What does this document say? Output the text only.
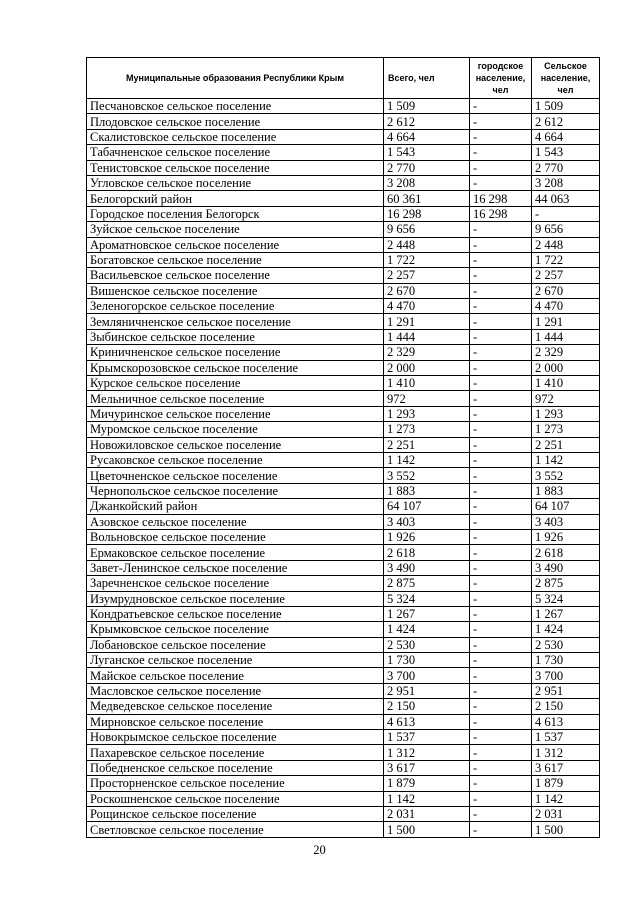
Муниципальные образования Республики Крым	Всего, чел	городское население, чел	Сельское население, чел
Песчановское сельское поселение	1 509	-	1 509
Плодовское сельское поселение	2 612	-	2 612
Скалистовское сельское поселение	4 664	-	4 664
Табачненское сельское поселение	1 543	-	1 543
Тенистовское сельское поселение	2 770	-	2 770
Угловское сельское поселение	3 208	-	3 208
Белогорский район	60 361	16 298	44 063
Городское поселения Белогорск	16 298	16 298	-
Зуйское сельское поселение	9 656	-	9 656
Ароматновское сельское поселение	2 448	-	2 448
Богатовское сельское поселение	1 722	-	1 722
Васильевское сельское поселение	2 257	-	2 257
Вишенское сельское поселение	2 670	-	2 670
Зеленогорское сельское поселение	4 470	-	4 470
Земляничненское сельское поселение	1 291	-	1 291
Зыбинское сельское поселение	1 444	-	1 444
Криничненское сельское поселение	2 329	-	2 329
Крымскорозовское сельское поселение	2 000	-	2 000
Курское сельское поселение	1 410	-	1 410
Мельничное сельское поселение	972	-	972
Мичуринское сельское поселение	1 293	-	1 293
Муромское сельское поселение	1 273	-	1 273
Новожиловское сельское поселение	2 251	-	2 251
Русаковское сельское поселение	1 142	-	1 142
Цветочненское сельское поселение	3 552	-	3 552
Чернопольское сельское поселение	1 883	-	1 883
Джанкойский район	64 107	-	64 107
Азовское сельское поселение	3 403	-	3 403
Вольновское сельское поселение	1 926	-	1 926
Ермаковское сельское поселение	2 618	-	2 618
Завет-Ленинское сельское поселение	3 490	-	3 490
Заречненское сельское поселение	2 875	-	2 875
Изумрудновское сельское поселение	5 324	-	5 324
Кондратьевское сельское поселение	1 267	-	1 267
Крымковское сельское поселение	1 424	-	1 424
Лобановское сельское поселение	2 530	-	2 530
Луганское сельское поселение	1 730	-	1 730
Майское сельское поселение	3 700	-	3 700
Масловское сельское поселение	2 951	-	2 951
Медведевское сельское поселение	2 150	-	2 150
Мирновское сельское поселение	4 613	-	4 613
Новокрымское сельское поселение	1 537	-	1 537
Пахаревское сельское поселение	1 312	-	1 312
Победненское сельское поселение	3 617	-	3 617
Просторненское сельское поселение	1 879	-	1 879
Роскошненское сельское поселение	1 142	-	1 142
Рощинское сельское поселение	2 031	-	2 031
Светловское сельское поселение	1 500	-	1 500
20
